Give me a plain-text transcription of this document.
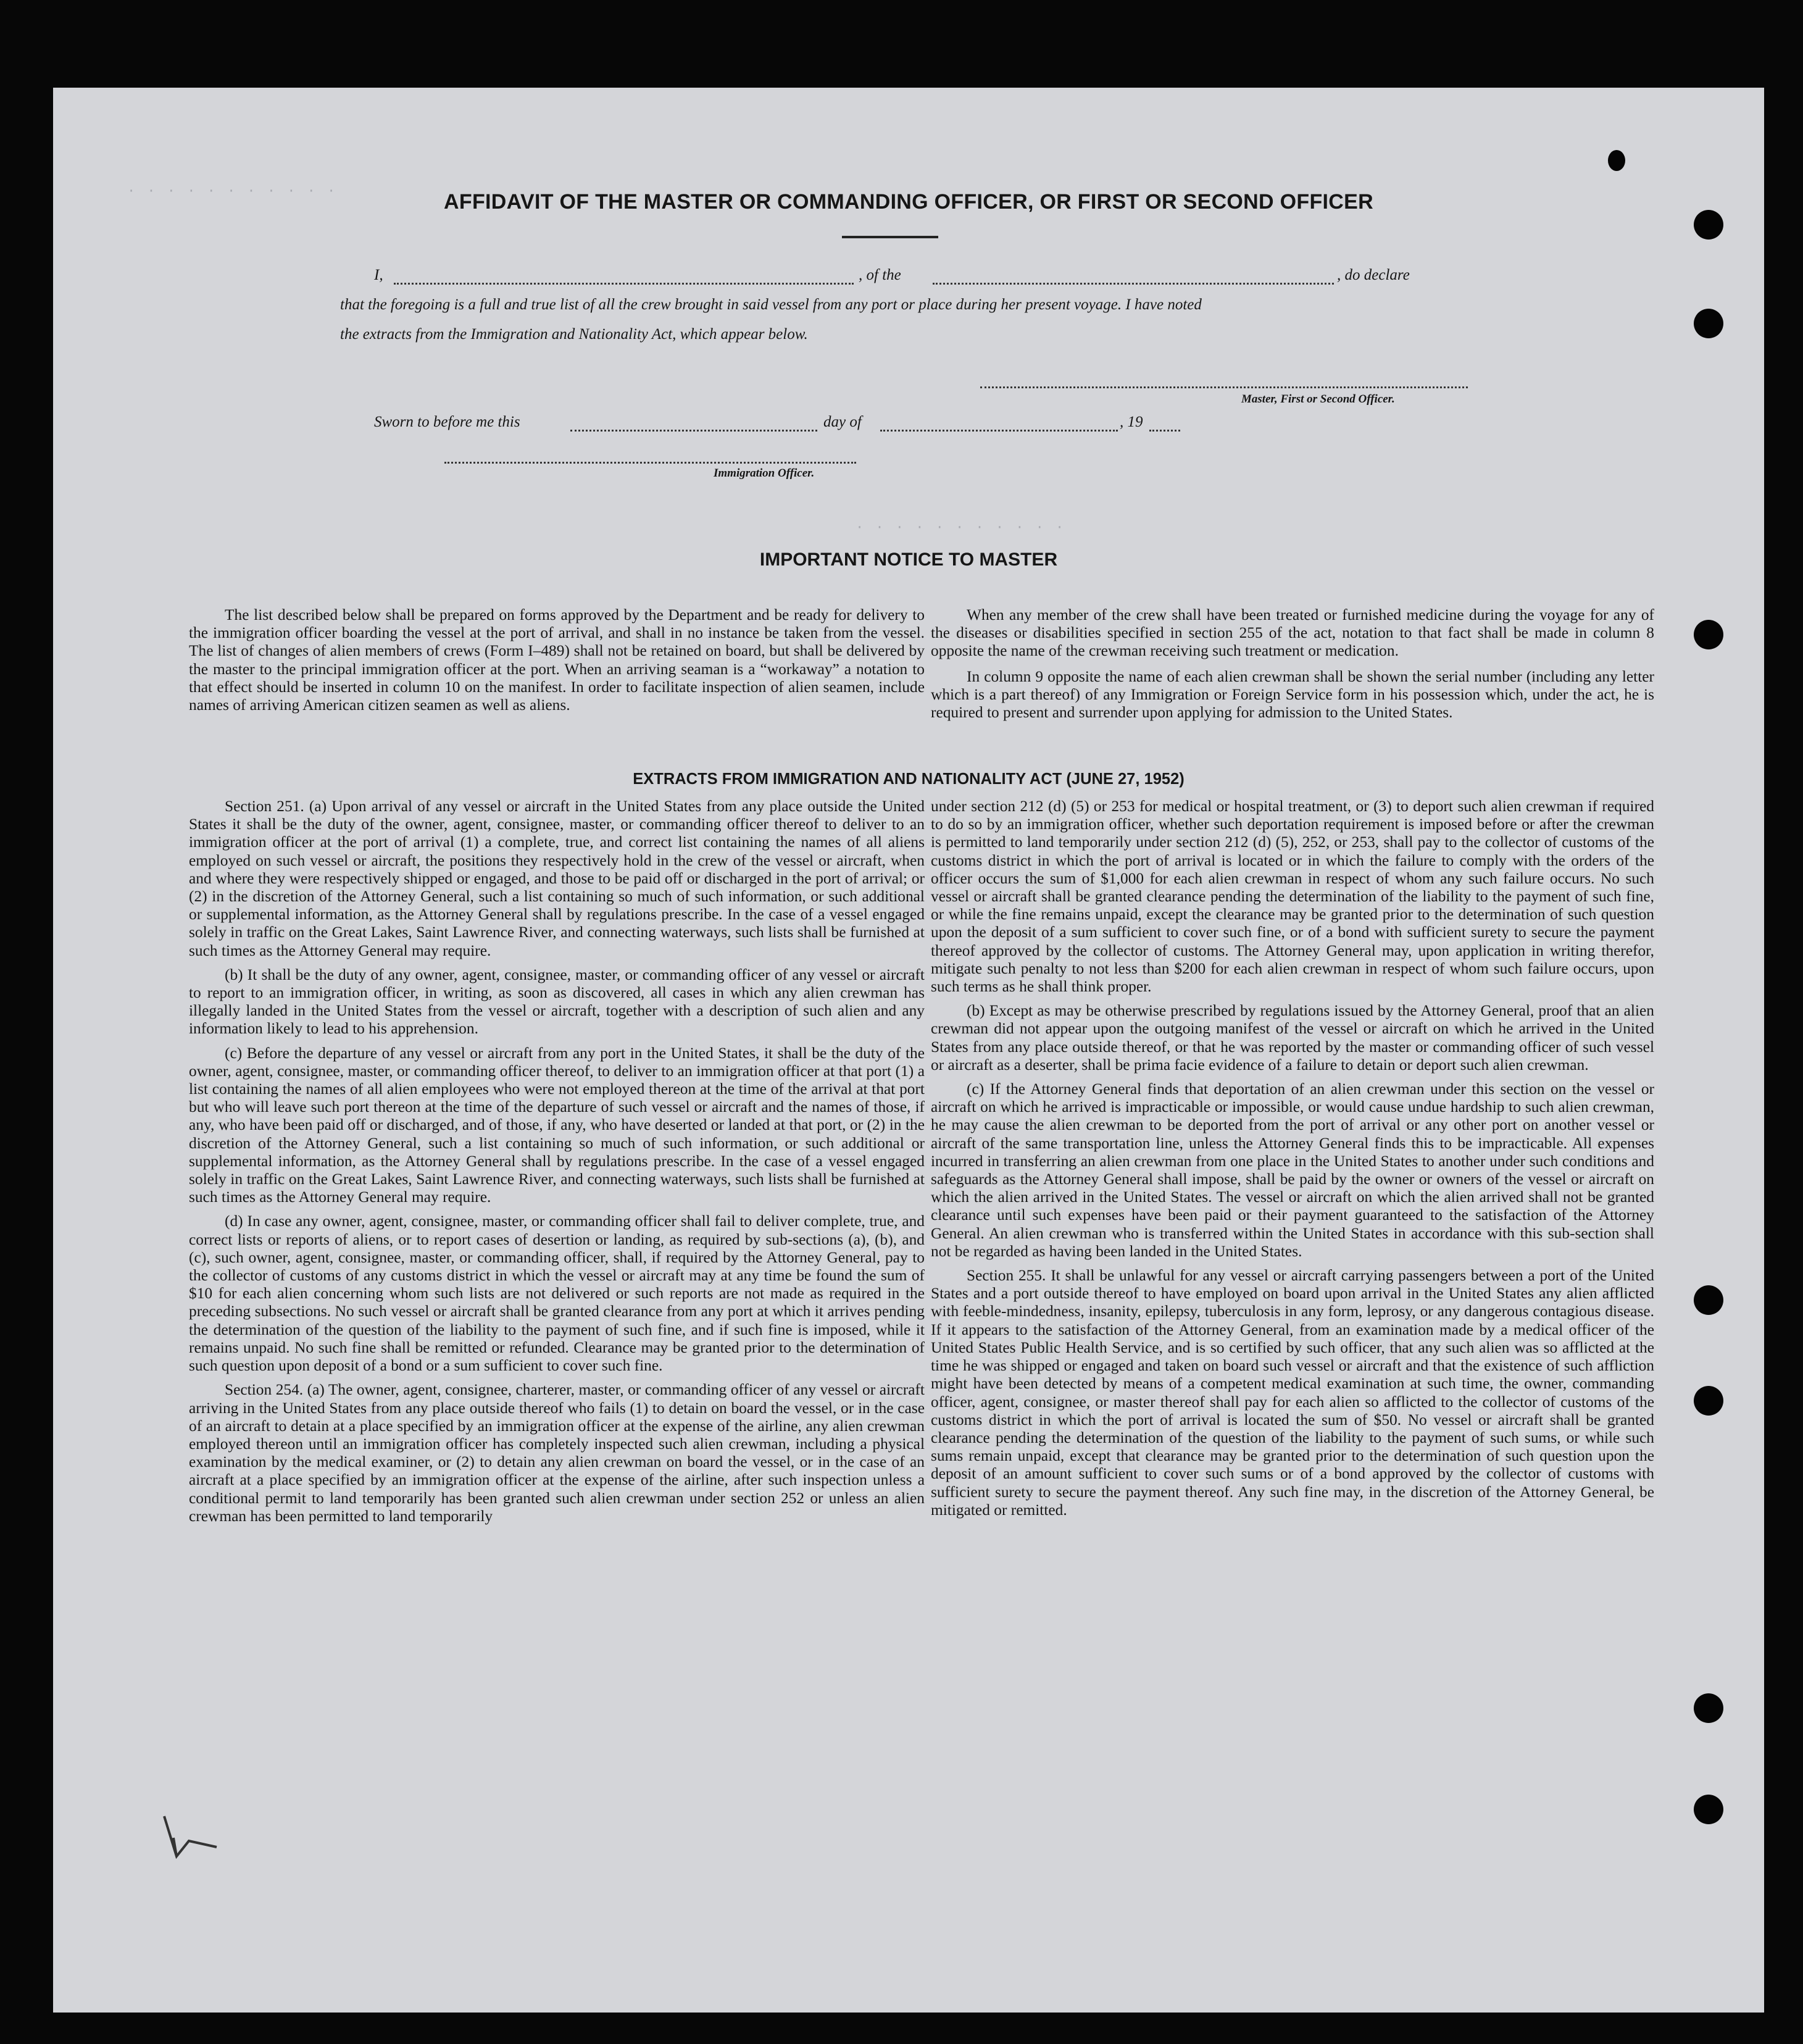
· · · · · · · · · · ·
· · · · · · · · · · ·
AFFIDAVIT OF THE MASTER OR COMMANDING OFFICER, OR FIRST OR SECOND OFFICER
I,	, of the	, do declare
that the foregoing is a full and true list of all the crew brought in said vessel from any port or place during her present voyage. I have noted
the extracts from the Immigration and Nationality Act, which appear below.
Master, First or Second Officer.
Sworn to before me this	day of	, 19
Immigration Officer.
IMPORTANT NOTICE TO MASTER

The list described below shall be prepared on forms approved by the Department and be ready for delivery to the immigration officer boarding the vessel at the port of arrival, and shall in no instance be taken from the vessel. The list of changes of alien members of crews (Form I–489) shall not be retained on board, but shall be delivered by the master to the principal immigration officer at the port. When an arriving seaman is a “workaway” a notation to that effect should be inserted in column 10 on the manifest. In order to facilitate inspection of alien seamen, include names of arriving American citizen seamen as well as aliens.

When any member of the crew shall have been treated or furnished medicine during the voyage for any of the diseases or disabilities specified in section 255 of the act, notation to that fact shall be made in column 8 opposite the name of the crewman receiving such treatment or medication.

In column 9 opposite the name of each alien crewman shall be shown the serial number (including any letter which is a part thereof) of any Immigration or Foreign Service form in his possession which, under the act, he is required to present and surrender upon applying for admission to the United States.

EXTRACTS FROM IMMIGRATION AND NATIONALITY ACT (JUNE 27, 1952)

Section 251. (a) Upon arrival of any vessel or aircraft in the United States from any place outside the United States it shall be the duty of the owner, agent, consignee, master, or commanding officer thereof to deliver to an immigration officer at the port of arrival (1) a complete, true, and correct list containing the names of all aliens employed on such vessel or aircraft, the positions they respectively hold in the crew of the vessel or aircraft, when and where they were respectively shipped or engaged, and those to be paid off or discharged in the port of arrival; or (2) in the discretion of the Attorney General, such a list containing so much of such information, or such additional or supplemental information, as the Attorney General shall by regulations prescribe. In the case of a vessel engaged solely in traffic on the Great Lakes, Saint Lawrence River, and connecting waterways, such lists shall be furnished at such times as the Attorney General may require.

(b) It shall be the duty of any owner, agent, consignee, master, or commanding officer of any vessel or aircraft to report to an immigration officer, in writing, as soon as discovered, all cases in which any alien crewman has illegally landed in the United States from the vessel or aircraft, together with a description of such alien and any information likely to lead to his apprehension.

(c) Before the departure of any vessel or aircraft from any port in the United States, it shall be the duty of the owner, agent, consignee, master, or commanding officer thereof, to deliver to an immigration officer at that port (1) a list containing the names of all alien employees who were not employed thereon at the time of the arrival at that port but who will leave such port thereon at the time of the departure of such vessel or aircraft and the names of those, if any, who have been paid off or discharged, and of those, if any, who have deserted or landed at that port, or (2) in the discretion of the Attorney General, such a list containing so much of such information, or such additional or supplemental information, as the Attorney General shall by regulations prescribe. In the case of a vessel engaged solely in traffic on the Great Lakes, Saint Lawrence River, and connecting waterways, such lists shall be furnished at such times as the Attorney General may require.

(d) In case any owner, agent, consignee, master, or commanding officer shall fail to deliver complete, true, and correct lists or reports of aliens, or to report cases of desertion or landing, as required by sub-sections (a), (b), and (c), such owner, agent, consignee, master, or commanding officer, shall, if required by the Attorney General, pay to the collector of customs of any customs district in which the vessel or aircraft may at any time be found the sum of $10 for each alien concerning whom such lists are not delivered or such reports are not made as required in the preceding subsections. No such vessel or aircraft shall be granted clearance from any port at which it arrives pending the determination of the question of the liability to the payment of such fine, and if such fine is imposed, while it remains unpaid. No such fine shall be remitted or refunded. Clearance may be granted prior to the determination of such question upon deposit of a bond or a sum sufficient to cover such fine.

Section 254. (a) The owner, agent, consignee, charterer, master, or commanding officer of any vessel or aircraft arriving in the United States from any place outside thereof who fails (1) to detain on board the vessel, or in the case of an aircraft to detain at a place specified by an immigration officer at the expense of the airline, any alien crewman employed thereon until an immigration officer has completely inspected such alien crewman, including a physical examination by the medical examiner, or (2) to detain any alien crewman on board the vessel, or in the case of an aircraft at a place specified by an immigration officer at the expense of the airline, after such inspection unless a conditional permit to land temporarily has been granted such alien crewman under section 252 or unless an alien crewman has been permitted to land temporarily

under section 212 (d) (5) or 253 for medical or hospital treatment, or (3) to deport such alien crewman if required to do so by an immigration officer, whether such deportation requirement is imposed before or after the crewman is permitted to land temporarily under section 212 (d) (5), 252, or 253, shall pay to the collector of customs of the customs district in which the port of arrival is located or in which the failure to comply with the orders of the officer occurs the sum of $1,000 for each alien crewman in respect of whom any such failure occurs. No such vessel or aircraft shall be granted clearance pending the determination of the liability to the payment of such fine, or while the fine remains unpaid, except the clearance may be granted prior to the determination of such question upon the deposit of a sum sufficient to cover such fine, or of a bond with sufficient surety to secure the payment thereof approved by the collector of customs. The Attorney General may, upon application in writing therefor, mitigate such penalty to not less than $200 for each alien crewman in respect of whom such failure occurs, upon such terms as he shall think proper.

(b) Except as may be otherwise prescribed by regulations issued by the Attorney General, proof that an alien crewman did not appear upon the outgoing manifest of the vessel or aircraft on which he arrived in the United States from any place outside thereof, or that he was reported by the master or commanding officer of such vessel or aircraft as a deserter, shall be prima facie evidence of a failure to detain or deport such alien crewman.

(c) If the Attorney General finds that deportation of an alien crewman under this section on the vessel or aircraft on which he arrived is impracticable or impossible, or would cause undue hardship to such alien crewman, he may cause the alien crewman to be deported from the port of arrival or any other port on another vessel or aircraft of the same transportation line, unless the Attorney General finds this to be impracticable. All expenses incurred in transferring an alien crewman from one place in the United States to another under such conditions and safeguards as the Attorney General shall impose, shall be paid by the owner or owners of the vessel or aircraft on which the alien arrived in the United States. The vessel or aircraft on which the alien arrived shall not be granted clearance until such expenses have been paid or their payment guaranteed to the satisfaction of the Attorney General. An alien crewman who is transferred within the United States in accordance with this sub-section shall not be regarded as having been landed in the United States.

Section 255. It shall be unlawful for any vessel or aircraft carrying passengers between a port of the United States and a port outside thereof to have employed on board upon arrival in the United States any alien afflicted with feeble-mindedness, insanity, epilepsy, tuberculosis in any form, leprosy, or any dangerous contagious disease. If it appears to the satisfaction of the Attorney General, from an examination made by a medical officer of the United States Public Health Service, and is so certified by such officer, that any such alien was so afflicted at the time he was shipped or engaged and taken on board such vessel or aircraft and that the existence of such affliction might have been detected by means of a competent medical examination at such time, the owner, commanding officer, agent, consignee, or master thereof shall pay for each alien so afflicted to the collector of customs of the customs district in which the port of arrival is located the sum of $50. No vessel or aircraft shall be granted clearance pending the determination of the question of the liability to the payment of such sums, or while such sums remain unpaid, except that clearance may be granted prior to the determination of such question upon the deposit of an amount sufficient to cover such sums or of a bond approved by the collector of customs with sufficient surety to secure the payment thereof. Any such fine may, in the discretion of the Attorney General, be mitigated or remitted.
